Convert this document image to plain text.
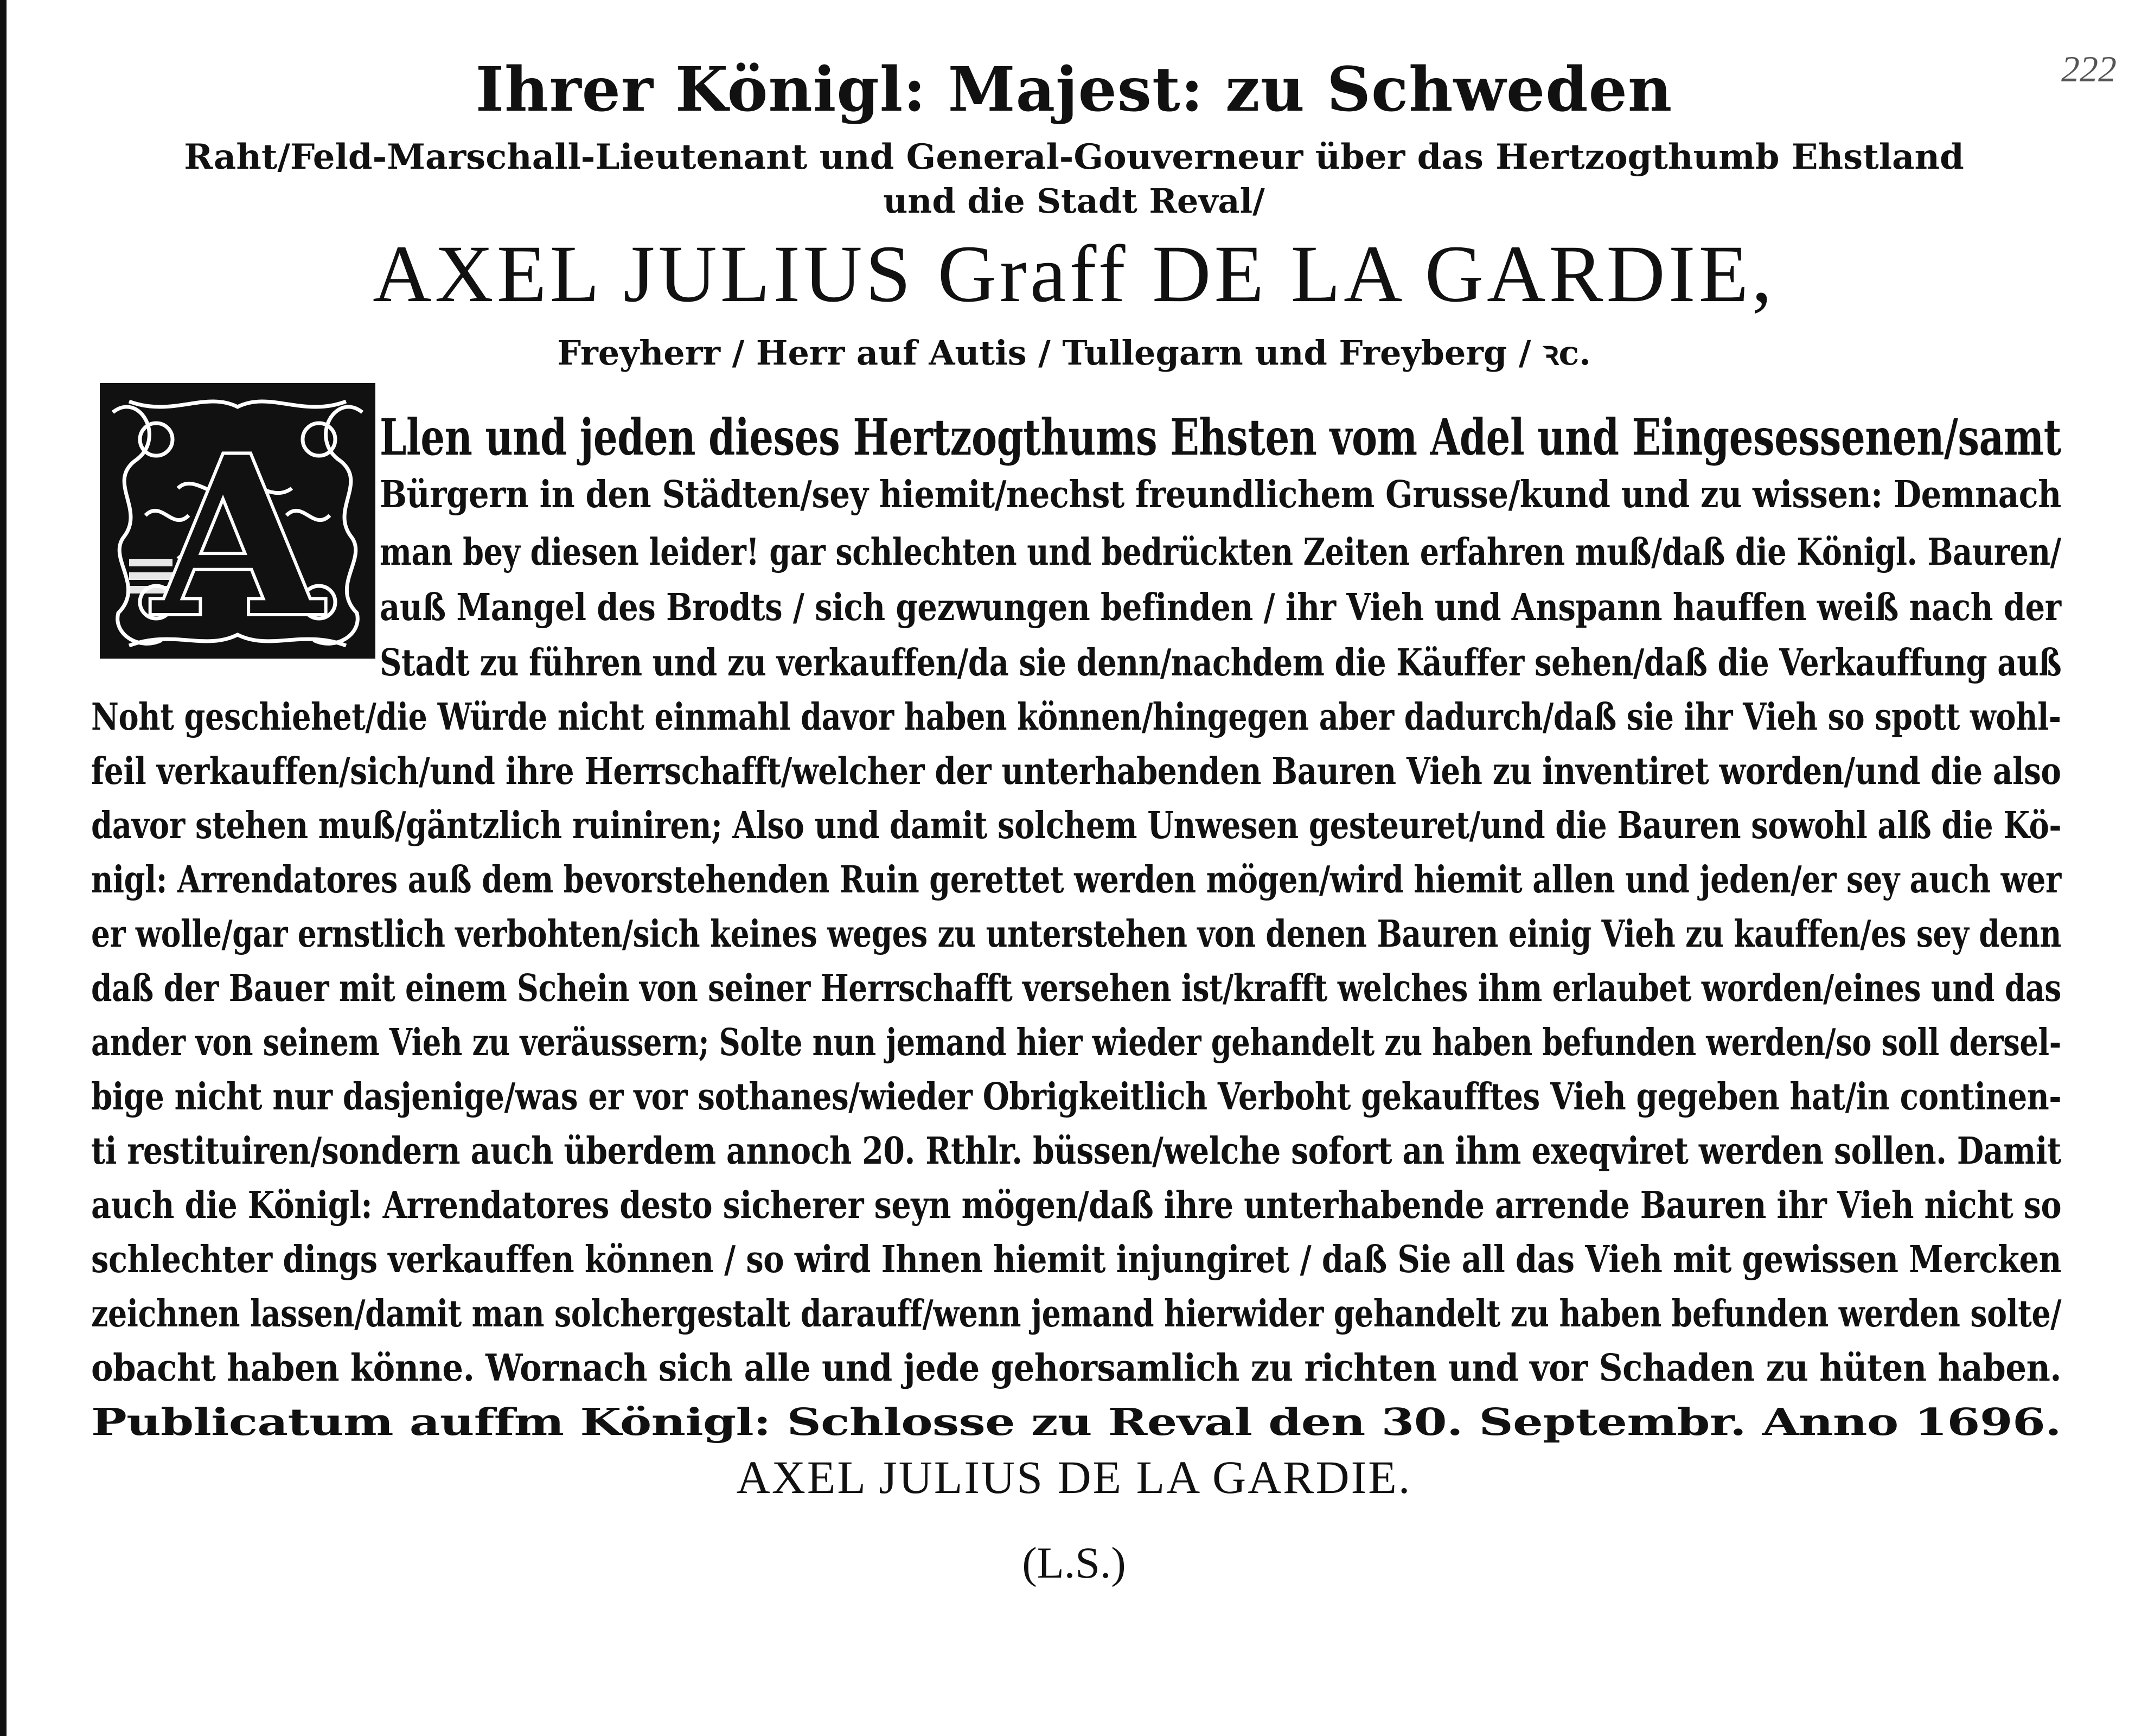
222
Ihrer Königl: Majest: zu Schweden
Raht/Feld-Marschall-Lieutenant und General-Gouverneur über das Hertzogthumb Ehstland
und die Stadt Reval/
AXEL JULIUS Graff DE LA GARDIE,
Freyherr / Herr auf Autis / Tullegarn und Freyberg / ꝛc.
A Llen und jeden dieses Hertzogthums Ehsten vom Adel und Eingesessenen/samt
Bürgern in den Städten/sey hiemit/nechst freundlichem Grusse/kund und zu wissen: Demnach
man bey diesen leider! gar schlechten und bedrückten Zeiten erfahren muß/daß die Königl. Bauren/
auß Mangel des Brodts / sich gezwungen befinden / ihr Vieh und Anspann hauffen weiß nach der
Stadt zu führen und zu verkauffen/da sie denn/nachdem die Käuffer sehen/daß die Verkauffung auß
Noht geschiehet/die Würde nicht einmahl davor haben können/hingegen aber dadurch/daß sie ihr Vieh so spott wohl-
feil verkauffen/sich/und ihre Herrschafft/welcher der unterhabenden Bauren Vieh zu inventiret worden/und die also
davor stehen muß/gäntzlich ruiniren; Also und damit solchem Unwesen gesteuret/und die Bauren sowohl alß die Kö-
nigl: Arrendatores auß dem bevorstehenden Ruin gerettet werden mögen/wird hiemit allen und jeden/er sey auch wer
er wolle/gar ernstlich verbohten/sich keines weges zu unterstehen von denen Bauren einig Vieh zu kauffen/es sey denn
daß der Bauer mit einem Schein von seiner Herrschafft versehen ist/krafft welches ihm erlaubet worden/eines und das
ander von seinem Vieh zu veräussern; Solte nun jemand hier wieder gehandelt zu haben befunden werden/so soll dersel-
bige nicht nur dasjenige/was er vor sothanes/wieder Obrigkeitlich Verboht gekaufftes Vieh gegeben hat/in continen-
ti restituiren/sondern auch überdem annoch 20. Rthlr. büssen/welche sofort an ihm exeqviret werden sollen. Damit
auch die Königl: Arrendatores desto sicherer seyn mögen/daß ihre unterhabende arrende Bauren ihr Vieh nicht so
schlechter dings verkauffen können / so wird Ihnen hiemit injungiret / daß Sie all das Vieh mit gewissen Mercken
zeichnen lassen/damit man solchergestalt darauff/wenn jemand hierwider gehandelt zu haben befunden werden solte/
obacht haben könne. Wornach sich alle und jede gehorsamlich zu richten und vor Schaden zu hüten haben.
Publicatum auffm Königl: Schlosse zu Reval den 30. Septembr. Anno 1696.
AXEL JULIUS DE LA GARDIE.
(L.S.)
